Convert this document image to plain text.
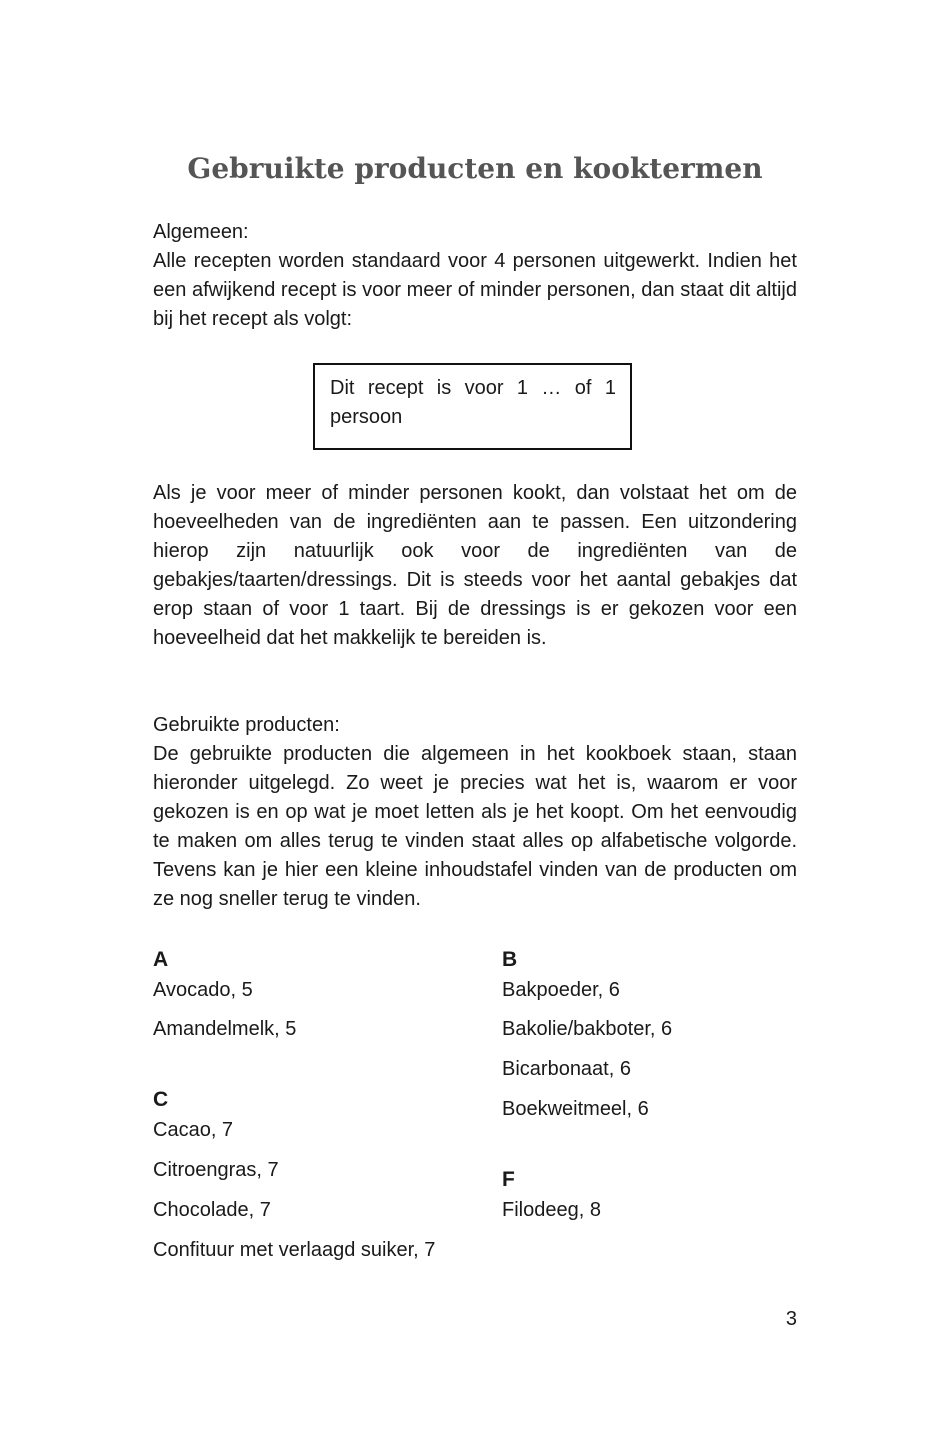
Gebruikte producten en kooktermen

Algemeen:

Alle recepten worden standaard voor 4 personen uitgewerkt. Indien het een afwijkend recept is voor meer of minder personen, dan staat dit altijd bij het recept als volgt:

Dit recept is voor 1 … of 1 persoon

Als je voor meer of minder personen kookt, dan volstaat het om de hoeveelheden van de ingrediënten aan te passen. Een uitzondering hierop zijn natuurlijk ook voor de ingrediënten van de gebakjes/taarten/dressings. Dit is steeds voor het aantal gebakjes dat erop staan of voor 1 taart. Bij de dressings is er gekozen voor een hoeveelheid dat het makkelijk te bereiden is.

Gebruikte producten:

De gebruikte producten die algemeen in het kookboek staan, staan hieronder uitgelegd. Zo weet je precies wat het is, waarom er voor gekozen is en op wat je moet letten als je het koopt. Om het eenvoudig te maken om alles terug te vinden staat alles op alfabetische volgorde. Tevens kan je hier een kleine inhoudstafel vinden van de producten om ze nog sneller terug te vinden.

A
Avocado, 5
Amandelmelk, 5
C
Cacao, 7
Citroengras, 7
Chocolade, 7
Confituur met verlaagd suiker, 7
B
Bakpoeder, 6
Bakolie/bakboter, 6
Bicarbonaat, 6
Boekweitmeel, 6
F
Filodeeg, 8
3
